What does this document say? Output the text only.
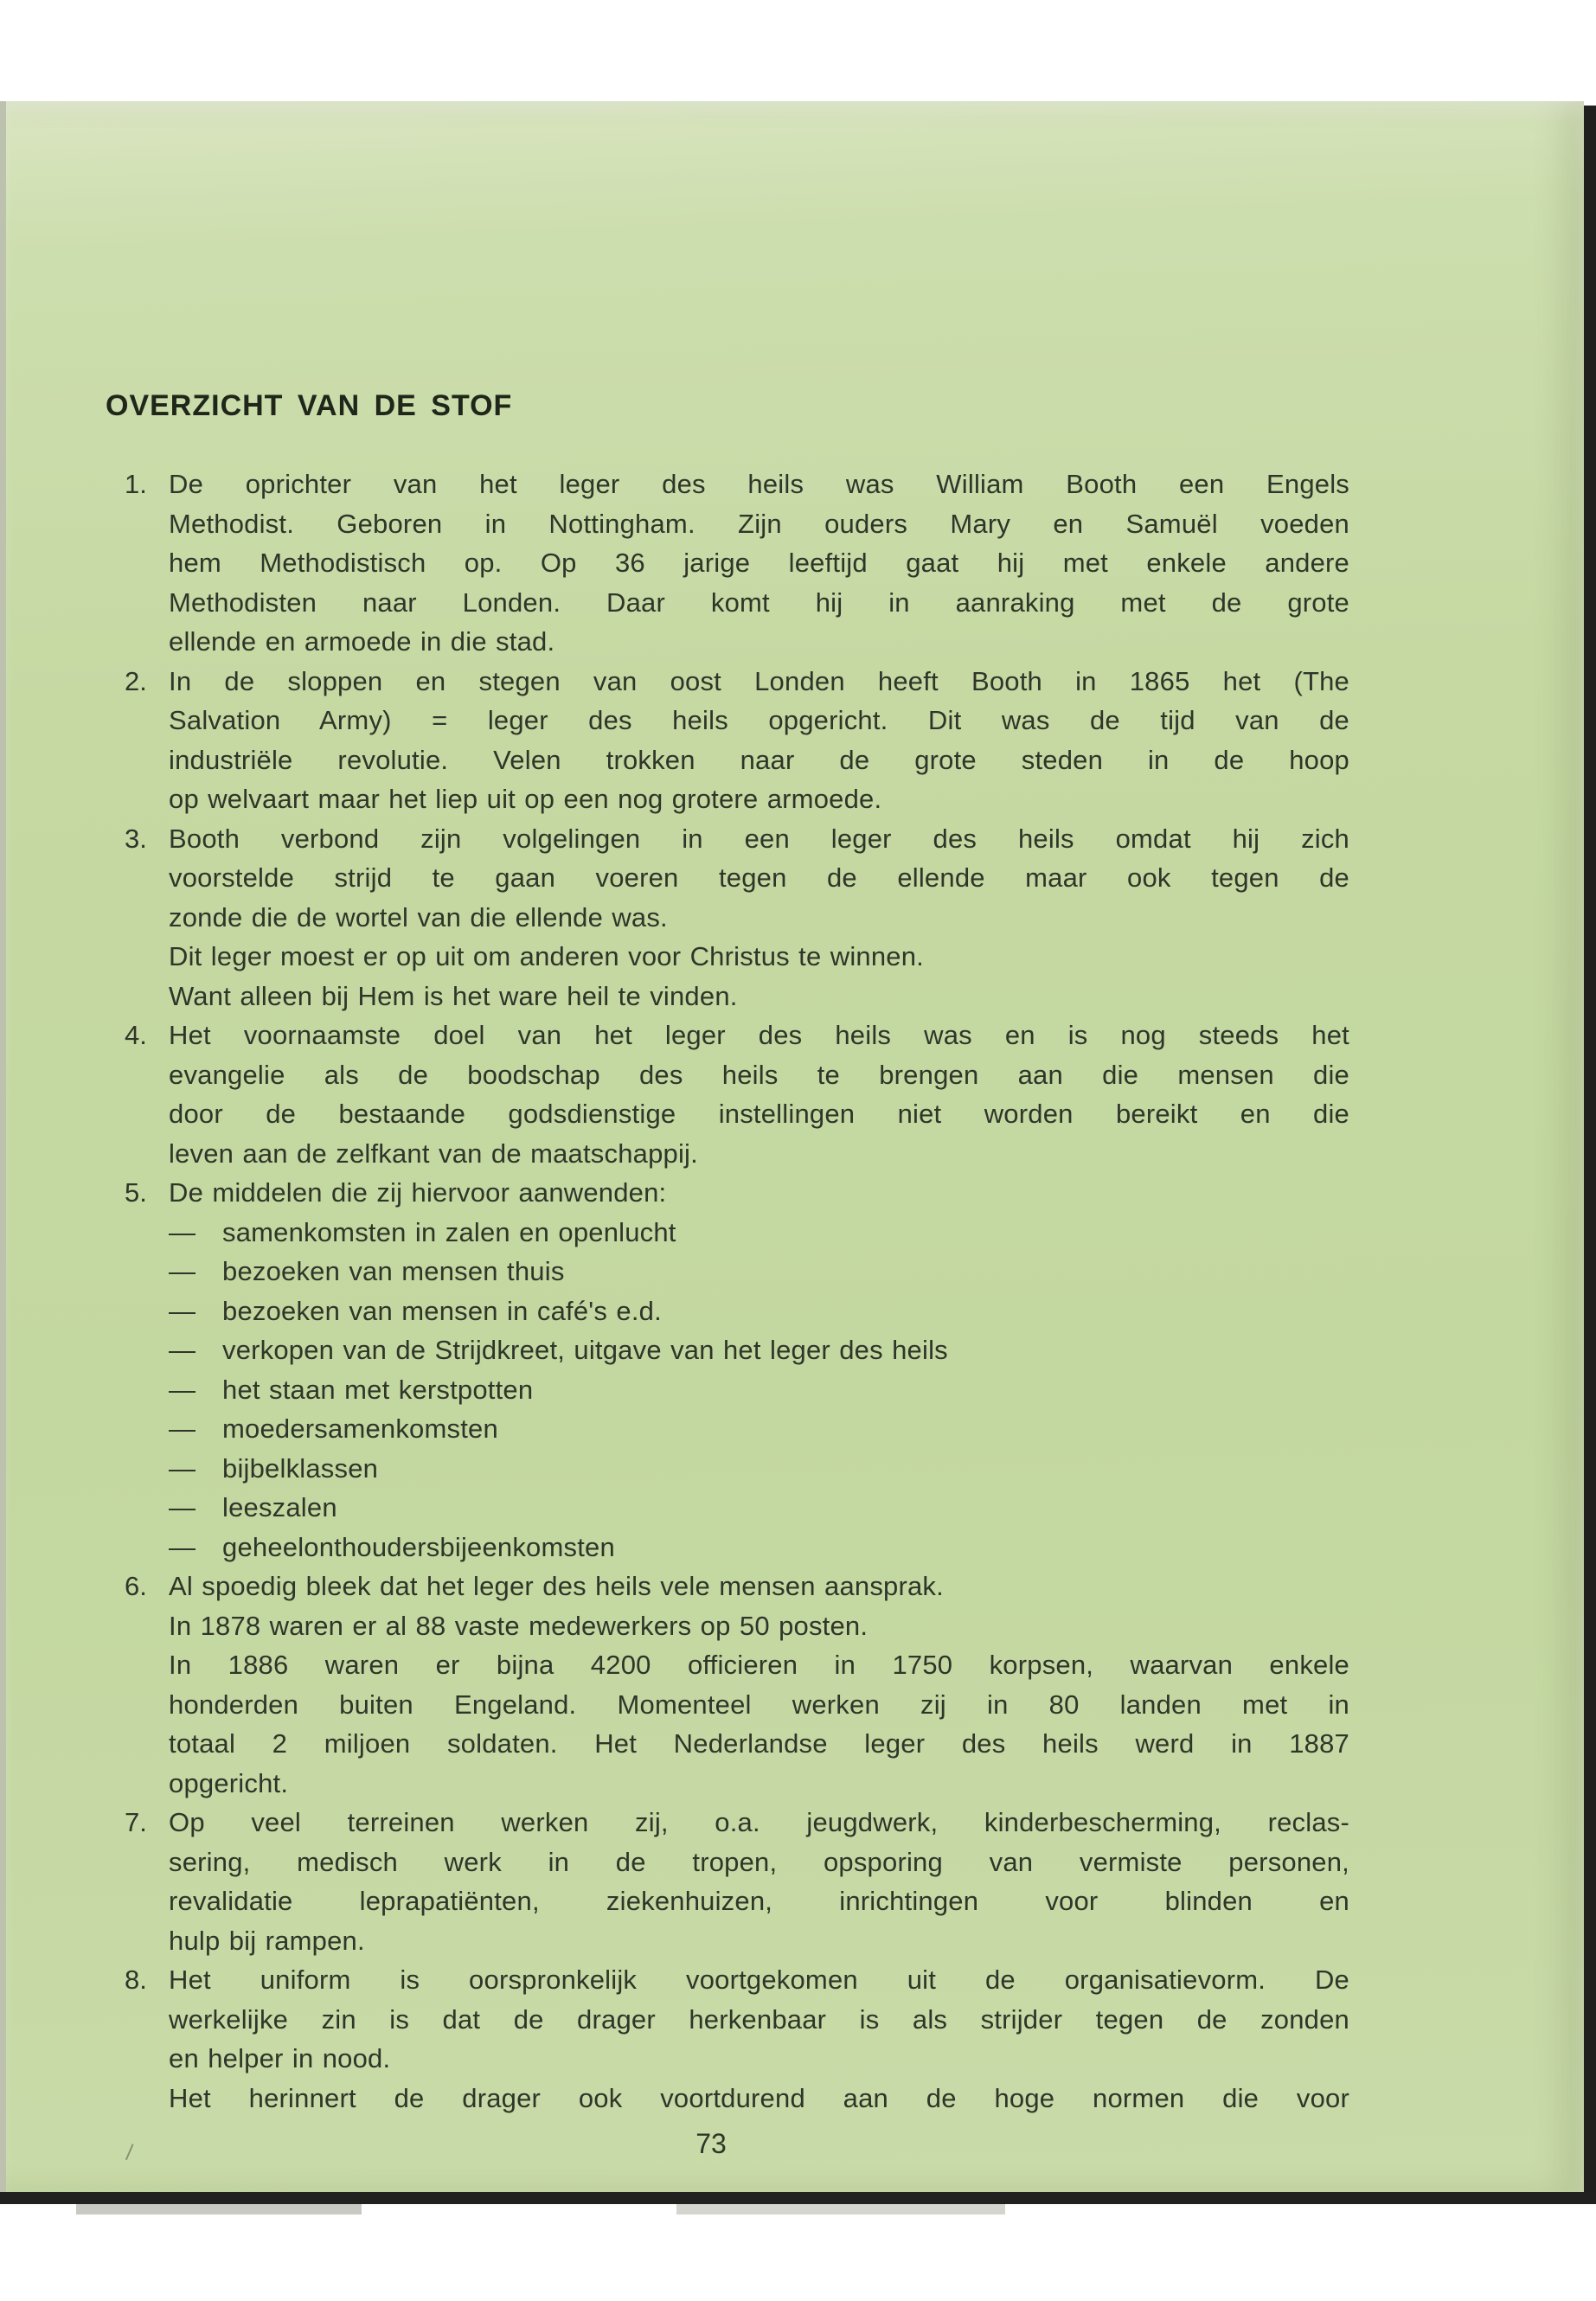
OVERZICHT VAN DE STOF
1. De oprichter van het leger des heils was William Booth een Engels
Methodist. Geboren in Nottingham. Zijn ouders Mary en Samuël voeden
hem Methodistisch op. Op 36 jarige leeftijd gaat hij met enkele andere
Methodisten naar Londen. Daar komt hij in aanraking met de grote
ellende en armoede in die stad.
2. In de sloppen en stegen van oost Londen heeft Booth in 1865 het (The
Salvation Army) = leger des heils opgericht. Dit was de tijd van de
industriële revolutie. Velen trokken naar de grote steden in de hoop
op welvaart maar het liep uit op een nog grotere armoede.
3. Booth verbond zijn volgelingen in een leger des heils omdat hij zich
voorstelde strijd te gaan voeren tegen de ellende maar ook tegen de
zonde die de wortel van die ellende was.
Dit leger moest er op uit om anderen voor Christus te winnen.
Want alleen bij Hem is het ware heil te vinden.
4. Het voornaamste doel van het leger des heils was en is nog steeds het
evangelie als de boodschap des heils te brengen aan die mensen die
door de bestaande godsdienstige instellingen niet worden bereikt en die
leven aan de zelfkant van de maatschappij.
5. De middelen die zij hiervoor aanwenden:
— samenkomsten in zalen en openlucht
— bezoeken van mensen thuis
— bezoeken van mensen in café's e.d.
— verkopen van de Strijdkreet, uitgave van het leger des heils
— het staan met kerstpotten
— moedersamenkomsten
— bijbelklassen
— leeszalen
— geheelonthoudersbijeenkomsten
6. Al spoedig bleek dat het leger des heils vele mensen aansprak.
In 1878 waren er al 88 vaste medewerkers op 50 posten.
In 1886 waren er bijna 4200 officieren in 1750 korpsen, waarvan enkele
honderden buiten Engeland. Momenteel werken zij in 80 landen met in
totaal 2 miljoen soldaten. Het Nederlandse leger des heils werd in 1887
opgericht.
7. Op veel terreinen werken zij, o.a. jeugdwerk, kinderbescherming, reclas-
sering, medisch werk in de tropen, opsporing van vermiste personen,
revalidatie leprapatiënten, ziekenhuizen, inrichtingen voor blinden en
hulp bij rampen.
8. Het uniform is oorspronkelijk voortgekomen uit de organisatievorm. De
werkelijke zin is dat de drager herkenbaar is als strijder tegen de zonden
en helper in nood.
Het herinnert de drager ook voortdurend aan de hoge normen die voor
73
/
